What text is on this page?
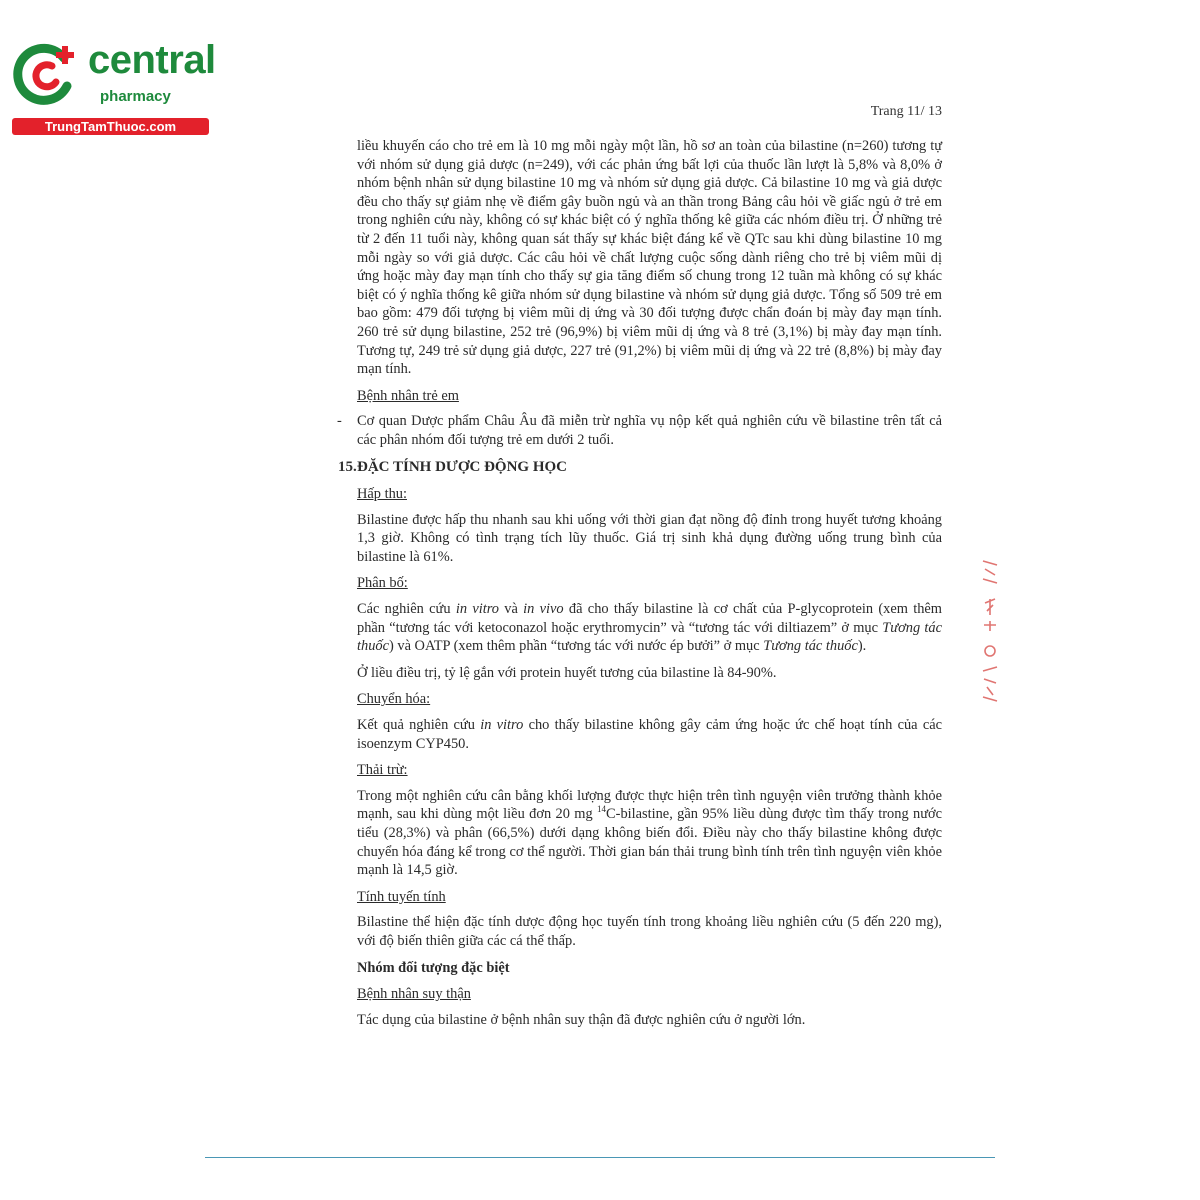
central
pharmacy
TrungTamThuoc.com
Trang 11/ 13

liều khuyến cáo cho trẻ em là 10 mg mỗi ngày một lần, hồ sơ an toàn của bilastine (n=260) tương tự với nhóm sử dụng giả dược (n=249), với các phản ứng bất lợi của thuốc lần lượt là 5,8% và 8,0% ở nhóm bệnh nhân sử dụng bilastine 10 mg và nhóm sử dụng giả dược. Cả bilastine 10 mg và giả dược đều cho thấy sự giảm nhẹ về điểm gây buồn ngủ và an thần trong Bảng câu hỏi về giấc ngủ ở trẻ em trong nghiên cứu này, không có sự khác biệt có ý nghĩa thống kê giữa các nhóm điều trị. Ở những trẻ từ 2 đến 11 tuổi này, không quan sát thấy sự khác biệt đáng kể về QTc sau khi dùng bilastine 10 mg mỗi ngày so với giả dược. Các câu hỏi về chất lượng cuộc sống dành riêng cho trẻ bị viêm mũi dị ứng hoặc mày đay mạn tính cho thấy sự gia tăng điểm số chung trong 12 tuần mà không có sự khác biệt có ý nghĩa thống kê giữa nhóm sử dụng bilastine và nhóm sử dụng giả dược. Tổng số 509 trẻ em bao gồm: 479 đối tượng bị viêm mũi dị ứng và 30 đối tượng được chẩn đoán bị mày đay mạn tính. 260 trẻ sử dụng bilastine, 252 trẻ (96,9%) bị viêm mũi dị ứng và 8 trẻ (3,1%) bị mày đay mạn tính. Tương tự, 249 trẻ sử dụng giả dược, 227 trẻ (91,2%) bị viêm mũi dị ứng và 22 trẻ (8,8%) bị mày đay mạn tính.

Bệnh nhân trẻ em

- Cơ quan Dược phẩm Châu Âu đã miễn trừ nghĩa vụ nộp kết quả nghiên cứu về bilastine trên tất cả các phân nhóm đối tượng trẻ em dưới 2 tuổi.
15. ĐẶC TÍNH DƯỢC ĐỘNG HỌC

Hấp thu:

Bilastine được hấp thu nhanh sau khi uống với thời gian đạt nồng độ đỉnh trong huyết tương khoảng 1,3 giờ. Không có tình trạng tích lũy thuốc. Giá trị sinh khả dụng đường uống trung bình của bilastine là 61%.

Phân bố:

Các nghiên cứu in vitro và in vivo đã cho thấy bilastine là cơ chất của P-glycoprotein (xem thêm phần “tương tác với ketoconazol hoặc erythromycin” và “tương tác với diltiazem” ở mục Tương tác thuốc) và OATP (xem thêm phần “tương tác với nước ép bưởi” ở mục Tương tác thuốc).

Ở liều điều trị, tỷ lệ gắn với protein huyết tương của bilastine là 84-90%.

Chuyển hóa:

Kết quả nghiên cứu in vitro cho thấy bilastine không gây cảm ứng hoặc ức chế hoạt tính của các isoenzym CYP450.

Thải trừ:

Trong một nghiên cứu cân bằng khối lượng được thực hiện trên tình nguyện viên trưởng thành khỏe mạnh, sau khi dùng một liều đơn 20 mg $^{14}$C-bilastine, gần 95% liều dùng được tìm thấy trong nước tiểu (28,3%) và phân (66,5%) dưới dạng không biến đổi. Điều này cho thấy bilastine không được chuyển hóa đáng kể trong cơ thể người. Thời gian bán thải trung bình tính trên tình nguyện viên khỏe mạnh là 14,5 giờ.

Tính tuyến tính

Bilastine thể hiện đặc tính dược động học tuyến tính trong khoảng liều nghiên cứu (5 đến 220 mg), với độ biến thiên giữa các cá thể thấp.

Nhóm đối tượng đặc biệt

Bệnh nhân suy thận

Tác dụng của bilastine ở bệnh nhân suy thận đã được nghiên cứu ở người lớn.
